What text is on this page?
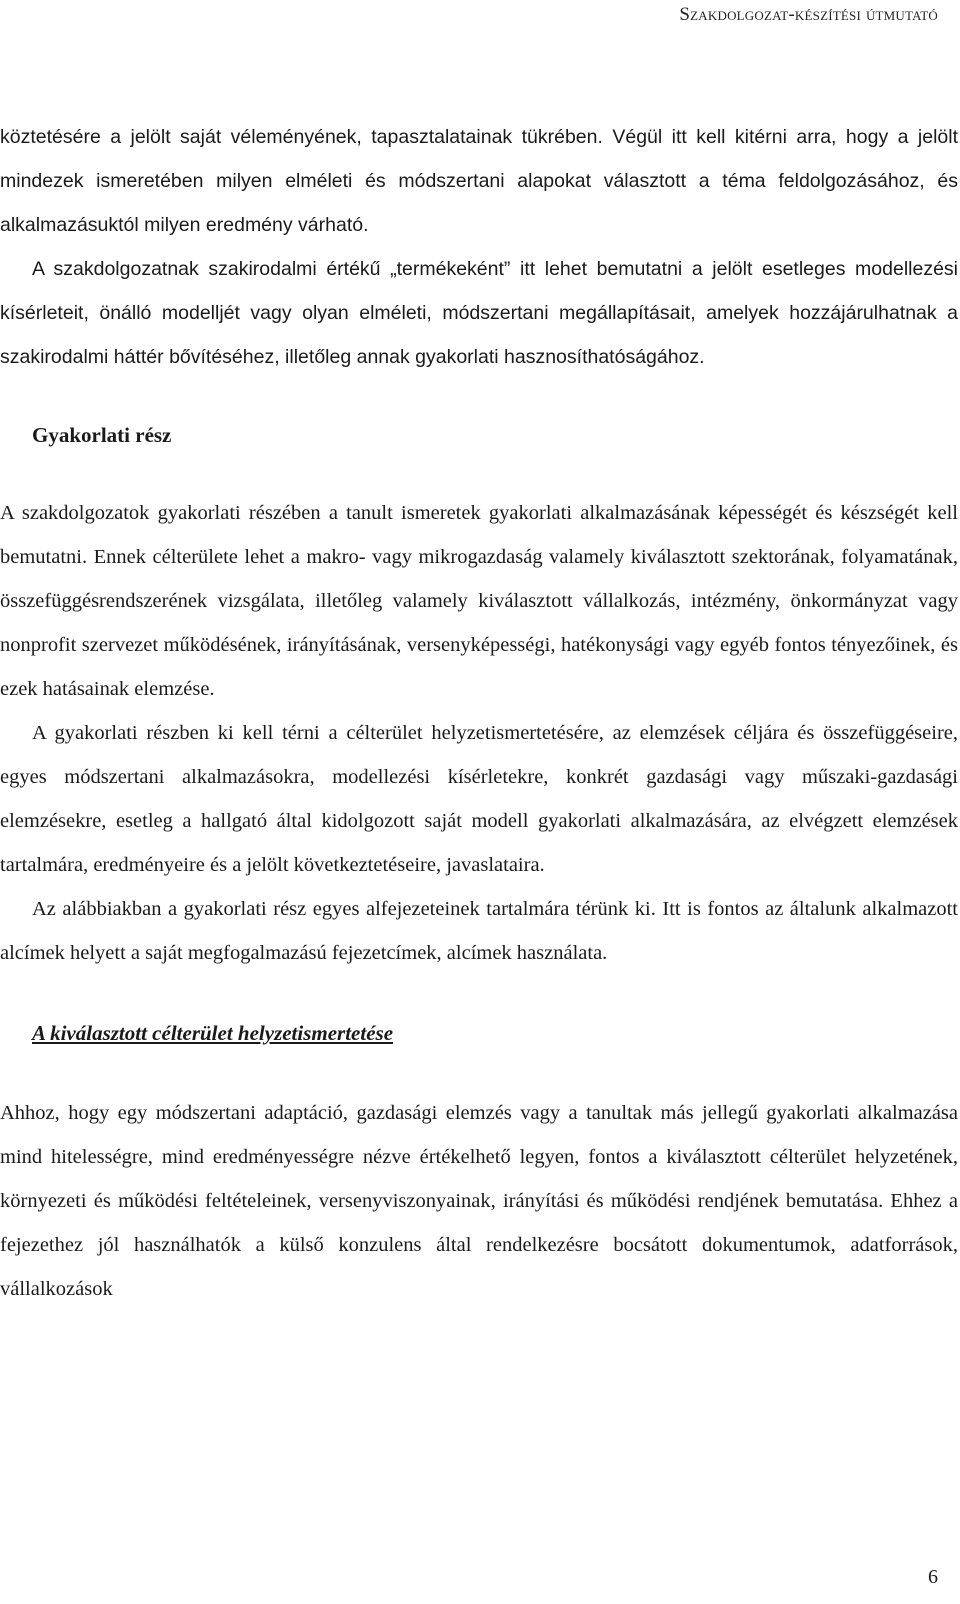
Szakdolgozat-készítési útmutató

köztetésére a jelölt saját véleményének, tapasztalatainak tükrében. Végül itt kell kitérni arra, hogy a jelölt mindezek ismeretében milyen elméleti és módszertani alapokat választott a téma feldolgozásához, és alkalmazásuktól milyen eredmény várható.

A szakdolgozatnak szakirodalmi értékű „termékeként” itt lehet bemutatni a jelölt esetleges modellezési kísérleteit, önálló modelljét vagy olyan elméleti, módszertani megállapításait, amelyek hozzájárulhatnak a szakirodalmi háttér bővítéséhez, illetőleg annak gyakorlati hasznosíthatóságához.

Gyakorlati rész

A szakdolgozatok gyakorlati részében a tanult ismeretek gyakorlati alkalmazásának képességét és készségét kell bemutatni. Ennek célterülete lehet a makro- vagy mikrogazdaság valamely kiválasztott szektorának, folyamatának, összefüggésrendszerének vizsgálata, illetőleg valamely kiválasztott vállalkozás, intézmény, önkormányzat vagy nonprofit szervezet működésének, irányításának, versenyképességi, hatékonysági vagy egyéb fontos tényezőinek, és ezek hatásainak elemzése.

A gyakorlati részben ki kell térni a célterület helyzetismertetésére, az elemzések céljára és összefüggéseire, egyes módszertani alkalmazásokra, modellezési kísérletekre, konkrét gazdasági vagy műszaki-gazdasági elemzésekre, esetleg a hallgató által kidolgozott saját modell gyakorlati alkalmazására, az elvégzett elemzések tartalmára, eredményeire és a jelölt következtetéseire, javaslataira.

Az alábbiakban a gyakorlati rész egyes alfejezeteinek tartalmára térünk ki. Itt is fontos az általunk alkalmazott alcímek helyett a saját megfogalmazású fejezetcímek, alcímek használata.

A kiválasztott célterület helyzetismertetése

Ahhoz, hogy egy módszertani adaptáció, gazdasági elemzés vagy a tanultak más jellegű gyakorlati alkalmazása mind hitelességre, mind eredményességre nézve értékelhető legyen, fontos a kiválasztott célterület helyzetének, környezeti és működési feltételeinek, versenyviszonyainak, irányítási és működési rendjének bemutatása. Ehhez a fejezethez jól használhatók a külső konzulens által rendelkezésre bocsátott dokumentumok, adatforrások, vállalkozások

6
